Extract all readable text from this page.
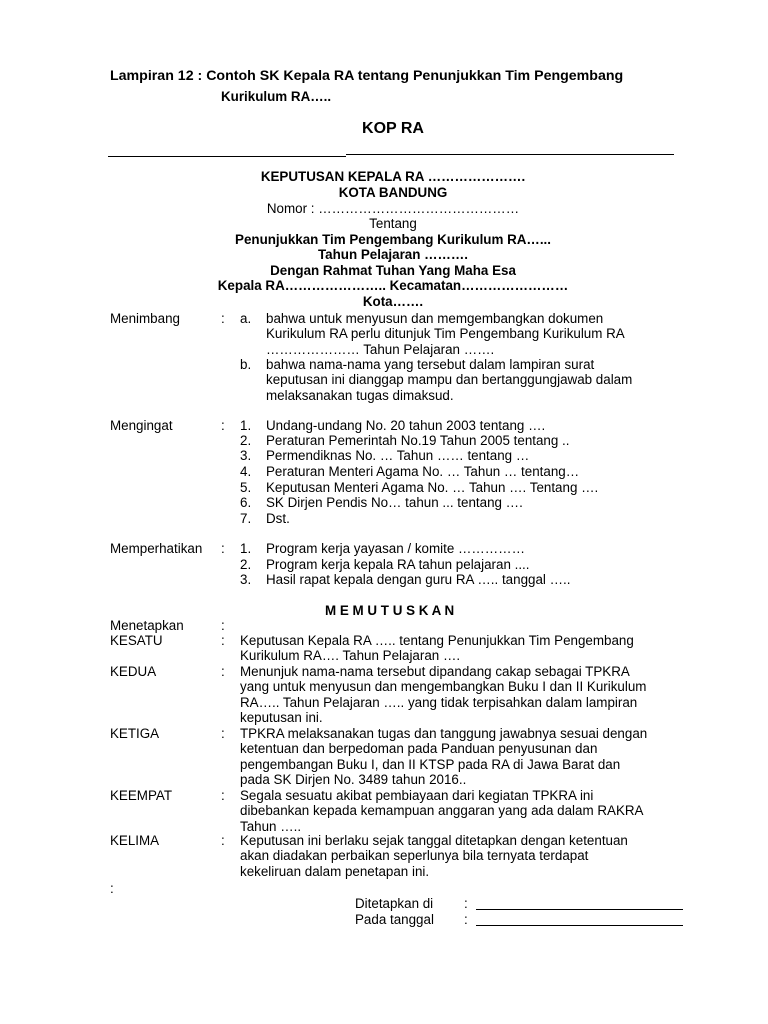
Lampiran 12 : Contoh SK Kepala RA tentang Penunjukkan Tim Pengembang
Kurikulum RA…..
KOP RA
KEPUTUSAN KEPALA RA ………………….
KOTA BANDUNG
Nomor : ………………………………………
Tentang
Penunjukkan Tim Pengembang Kurikulum RA…...
Tahun Pelajaran ……….
Dengan Rahmat Tuhan Yang Maha Esa
Kepala RA………………….. Kecamatan……………………
Kota…….
Menimbang	: a. bahwa untuk menyusun dan memgembangkan dokumen
Kurikulum RA perlu ditunjuk Tim Pengembang Kurikulum RA
………………… Tahun Pelajaran …….
b. bahwa nama-nama yang tersebut dalam lampiran surat
keputusan ini dianggap mampu dan bertanggungjawab dalam
melaksanakan tugas dimaksud.
Mengingat	: 1. Undang-undang No. 20 tahun 2003 tentang ….
2. Peraturan Pemerintah No.19 Tahun 2005 tentang ..
3. Permendiknas No. … Tahun …… tentang …
4. Peraturan Menteri Agama No. … Tahun … tentang…
5. Keputusan Menteri Agama No. … Tahun …. Tentang ….
6. SK Dirjen Pendis No… tahun ... tentang ….
7. Dst.
Memperhatikan : 1. Program kerja yayasan / komite ……………
2. Program kerja kepala RA tahun pelajaran ....
3. Hasil rapat kepala dengan guru RA ….. tanggal …..
M E M U T U S K A N
Menetapkan	:
KESATU	: Keputusan Kepala RA ….. tentang Penunjukkan Tim Pengembang
Kurikulum RA…. Tahun Pelajaran ….
KEDUA	: Menunjuk nama-nama tersebut dipandang cakap sebagai TPKRA
yang untuk menyusun dan mengembangkan Buku I dan II Kurikulum
RA….. Tahun Pelajaran ….. yang tidak terpisahkan dalam lampiran
keputusan ini.
KETIGA	: TPKRA melaksanakan tugas dan tanggung jawabnya sesuai dengan
ketentuan dan berpedoman pada Panduan penyusunan dan
pengembangan Buku I, dan II KTSP pada RA di Jawa Barat dan
pada SK Dirjen No. 3489 tahun 2016..
KEEMPAT	: Segala sesuatu akibat pembiayaan dari kegiatan TPKRA ini
dibebankan kepada kemampuan anggaran yang ada dalam RAKRA
Tahun …..
KELIMA	: Keputusan ini berlaku sejak tanggal ditetapkan dengan ketentuan
akan diadakan perbaikan seperlunya bila ternyata terdapat
kekeliruan dalam penetapan ini.
:
Ditetapkan di :
Pada tanggal :
